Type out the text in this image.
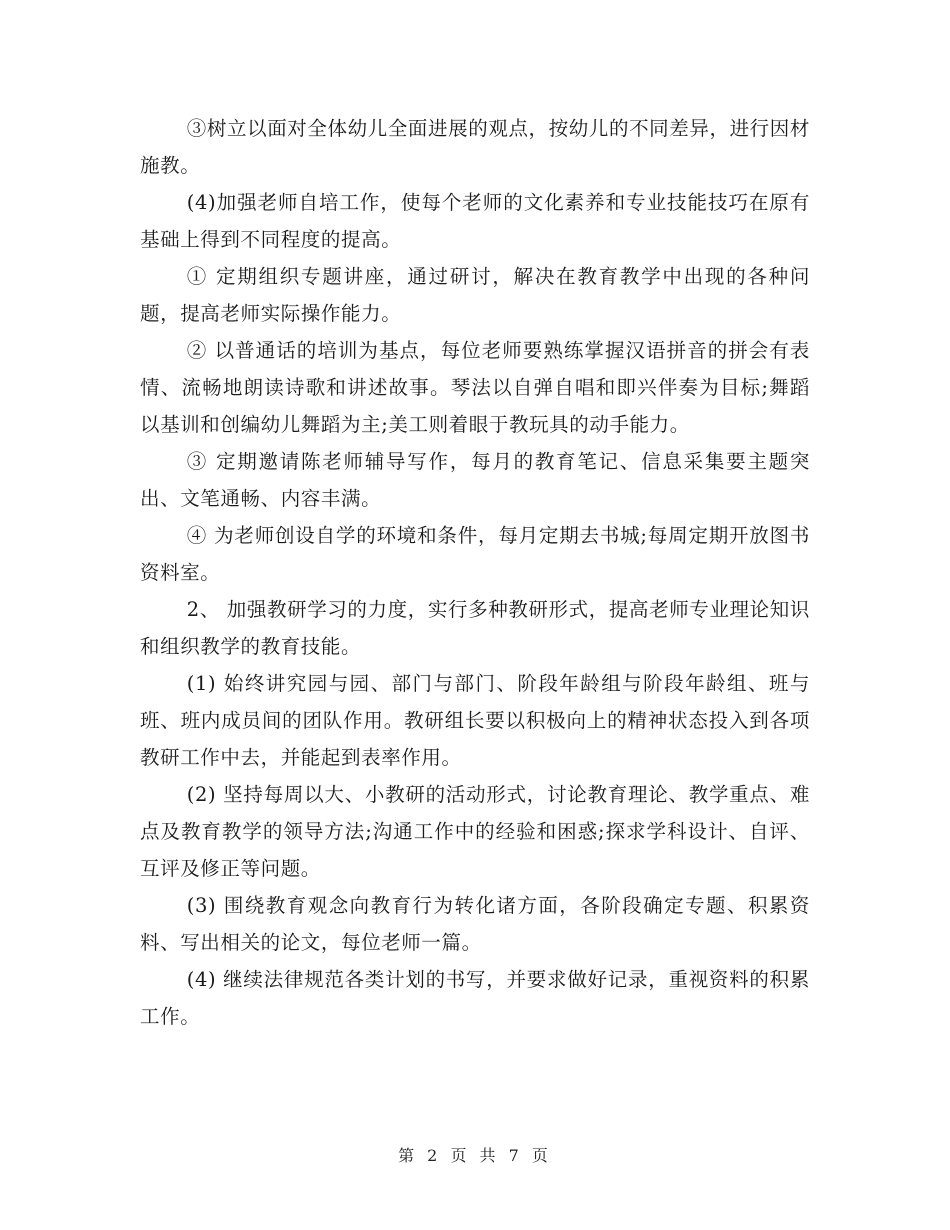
③树立以面对全体幼儿全面进展的观点，按幼儿的不同差异，进行因材施教。

(4)加强老师自培工作，使每个老师的文化素养和专业技能技巧在原有基础上得到不同程度的提高。

① 定期组织专题讲座，通过研讨，解决在教育教学中出现的各种问题，提高老师实际操作能力。

② 以普通话的培训为基点，每位老师要熟练掌握汉语拼音的拼会有表情、流畅地朗读诗歌和讲述故事。琴法以自弹自唱和即兴伴奏为目标;舞蹈以基训和创编幼儿舞蹈为主;美工则着眼于教玩具的动手能力。

③ 定期邀请陈老师辅导写作，每月的教育笔记、信息采集要主题突出、文笔通畅、内容丰满。

④ 为老师创设自学的环境和条件，每月定期去书城;每周定期开放图书资料室。

2、 加强教研学习的力度，实行多种教研形式，提高老师专业理论知识和组织教学的教育技能。

(1) 始终讲究园与园、部门与部门、阶段年龄组与阶段年龄组、班与班、班内成员间的团队作用。教研组长要以积极向上的精神状态投入到各项教研工作中去，并能起到表率作用。

(2) 坚持每周以大、小教研的活动形式，讨论教育理论、教学重点、难点及教育教学的领导方法;沟通工作中的经验和困惑;探求学科设计、自评、互评及修正等问题。

(3) 围绕教育观念向教育行为转化诸方面，各阶段确定专题、积累资料、写出相关的论文，每位老师一篇。

(4) 继续法律规范各类计划的书写，并要求做好记录，重视资料的积累工作。

第 2 页 共 7 页
